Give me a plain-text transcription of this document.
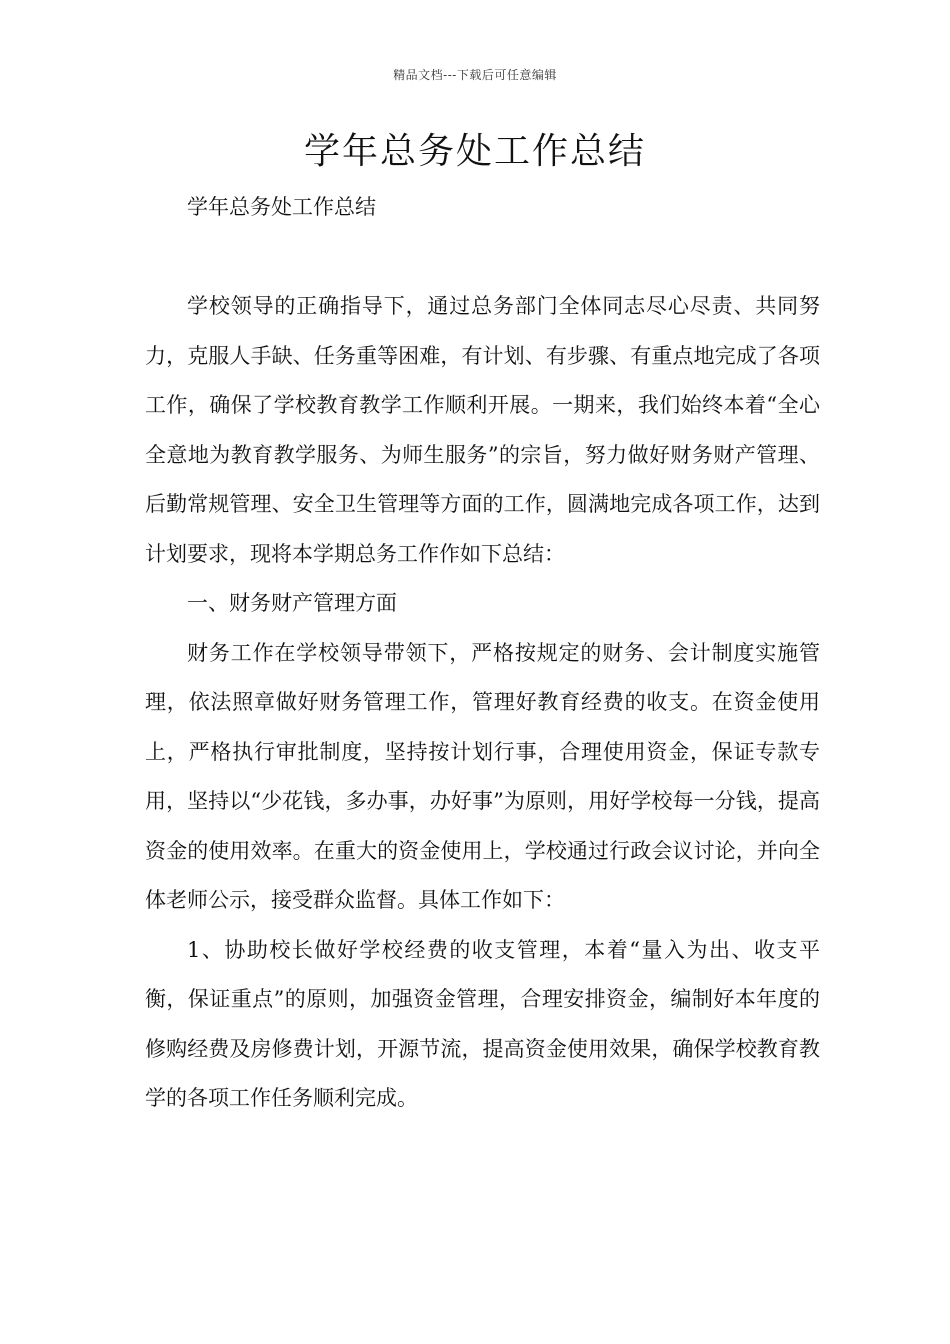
精品文档---下载后可任意编辑
学年总务处工作总结

学年总务处工作总结

学校领导的正确指导下，通过总务部门全体同志尽心尽责、共同努力，克服人手缺、任务重等困难，有计划、有步骤、有重点地完成了各项工作，确保了学校教育教学工作顺利开展。一期来，我们始终本着“全心全意地为教育教学服务、为师生服务”的宗旨，努力做好财务财产管理、后勤常规管理、安全卫生管理等方面的工作，圆满地完成各项工作，达到计划要求，现将本学期总务工作作如下总结：

一、财务财产管理方面

财务工作在学校领导带领下，严格按规定的财务、会计制度实施管理，依法照章做好财务管理工作，管理好教育经费的收支。在资金使用上，严格执行审批制度，坚持按计划行事，合理使用资金，保证专款专用，坚持以“少花钱，多办事，办好事”为原则，用好学校每一分钱，提高资金的使用效率。在重大的资金使用上，学校通过行政会议讨论，并向全体老师公示，接受群众监督。具体工作如下：

1、协助校长做好学校经费的收支管理，本着“量入为出、收支平衡，保证重点”的原则，加强资金管理，合理安排资金，编制好本年度的修购经费及房修费计划，开源节流，提高资金使用效果，确保学校教育教学的各项工作任务顺利完成。
